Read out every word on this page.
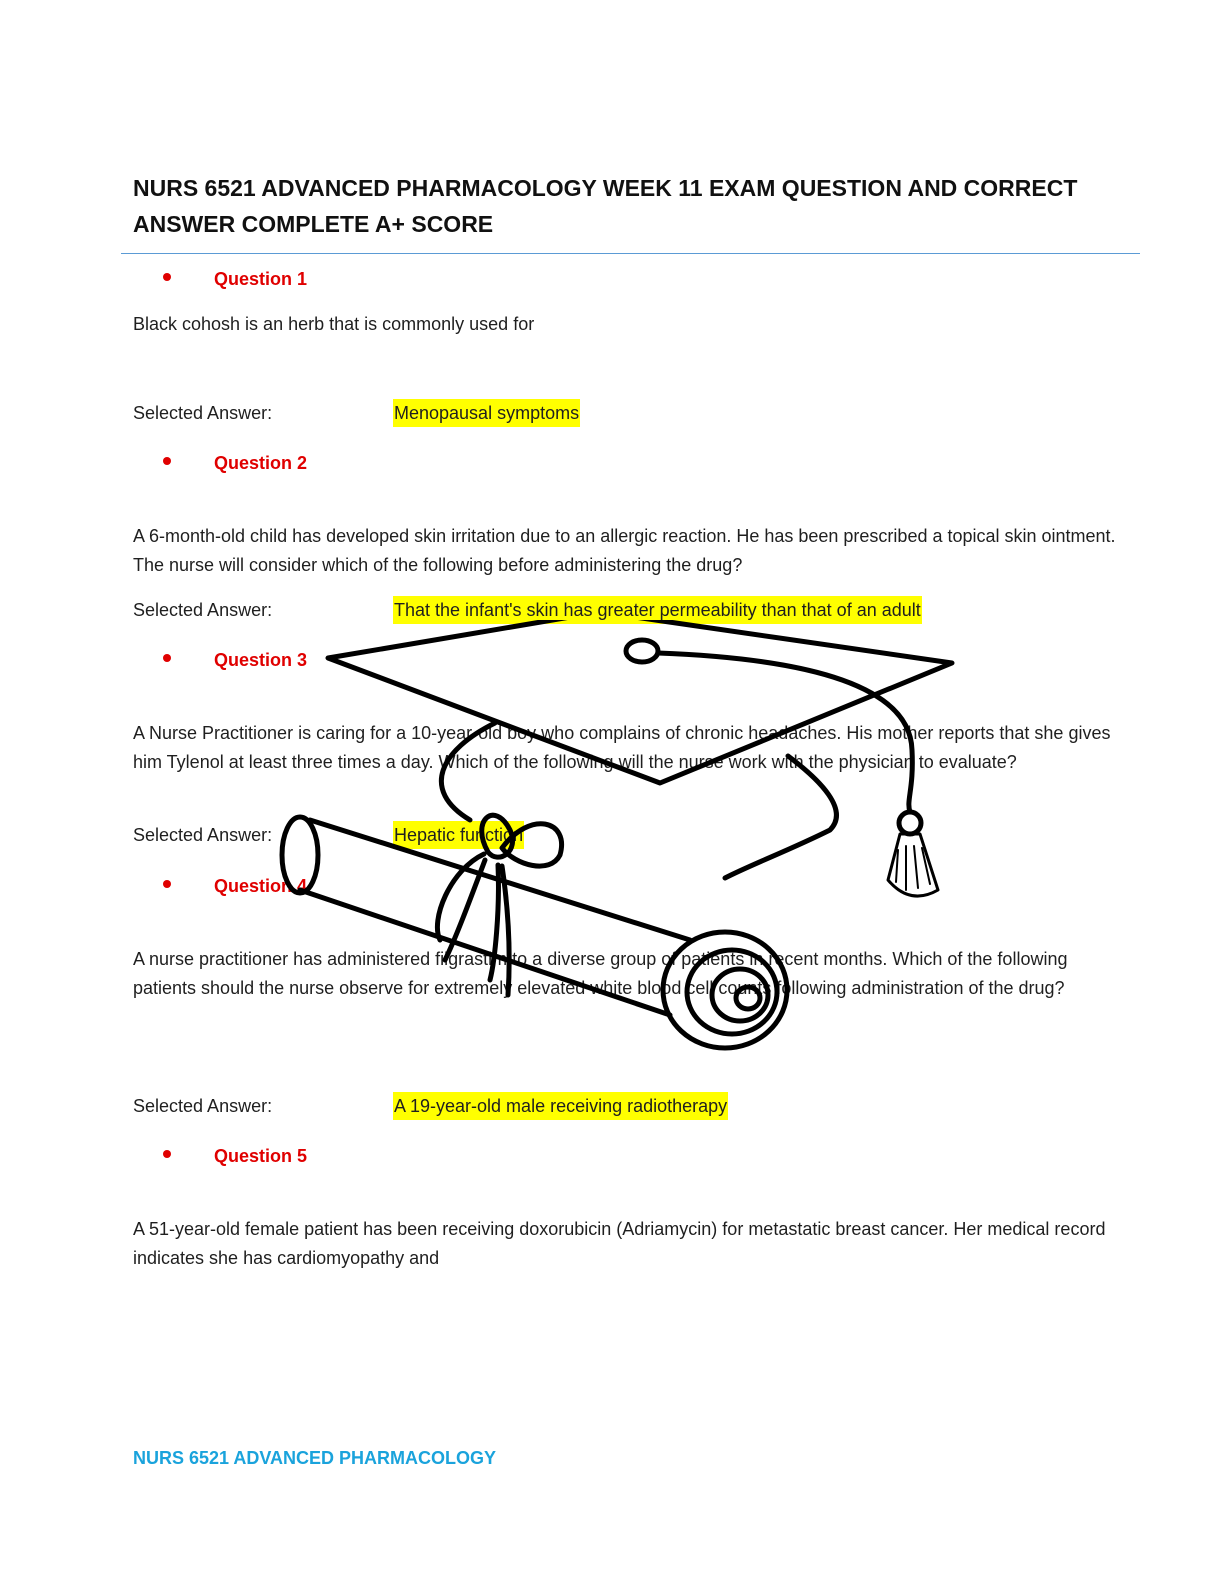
NURS 6521 ADVANCED PHARMACOLOGY WEEK 11 EXAM QUESTION AND CORRECT ANSWER COMPLETE A+ SCORE
Question 1

Black cohosh is an herb that is commonly used for

Selected Answer:	Menopausal symptoms
Question 2

A 6-month-old child has developed skin irritation due to an allergic reaction. He has been prescribed a topical skin ointment. The nurse will consider which of the following before administering the drug?

Selected Answer:	That the infant's skin has greater permeability than that of an adult
Question 3

A Nurse Practitioner is caring for a 10-year-old boy who complains of chronic headaches. His mother reports that she gives him Tylenol at least three times a day. Which of the following will the nurse work with the physician to evaluate?

Selected Answer:	Hepatic function
Question 4

A nurse practitioner has administered filgrastim to a diverse group of patients in recent months. Which of the following patients should the nurse observe for extremely elevated white blood cell counts following administration of the drug?

Selected Answer:	A 19-year-old male receiving radiotherapy
Question 5

A 51-year-old female patient has been receiving doxorubicin (Adriamycin) for metastatic breast cancer. Her medical record indicates she has cardiomyopathy and

NURS 6521 ADVANCED PHARMACOLOGY
